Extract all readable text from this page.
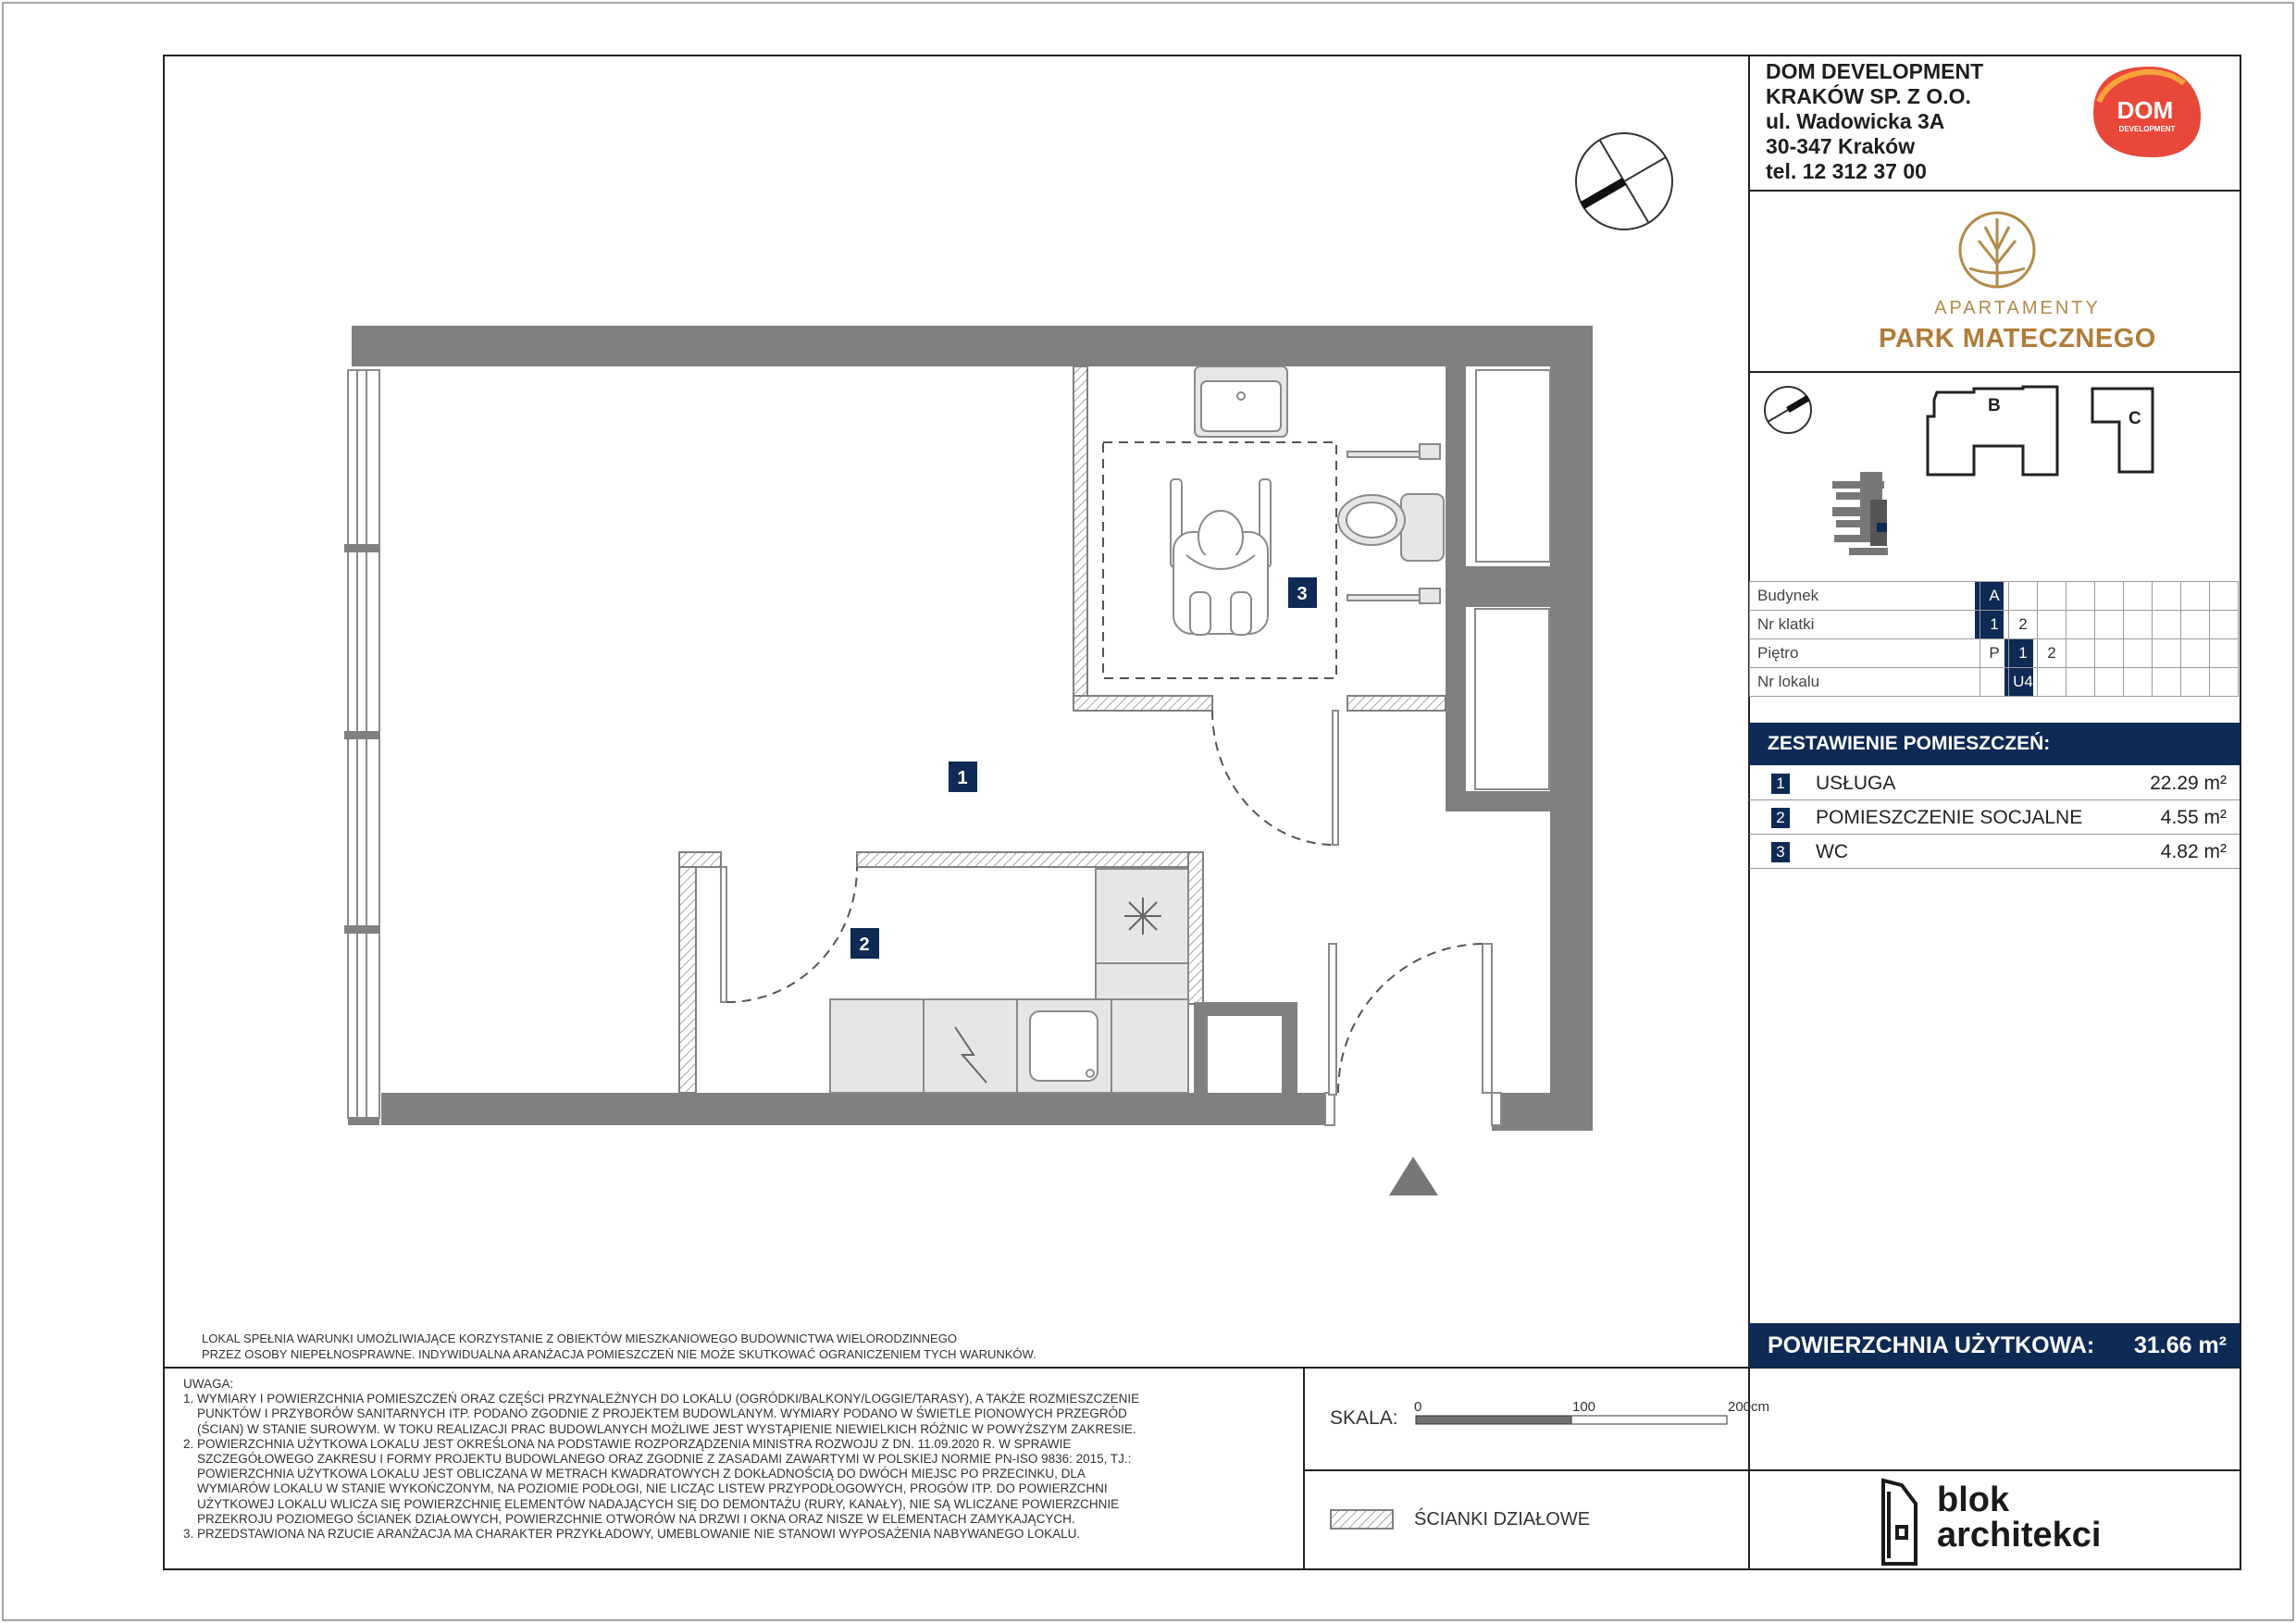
1
2
3
DOM
DEVELOPMENT
DOM DEVELOPMENT
KRAKÓW SP. Z O.O.
ul. Wadowicka 3A
30-347 Kraków
tel. 12 312 37 00
APARTAMENTY
PARK MATECZNEGO
B
C
Budynek	A								
Nr klatki	1	2							
Piętro	P	1	2						
Nr lokalu		U4							
ZESTAWIENIE POMIESZCZEŃ:
1 USŁUGA	22.29 m²
2 POMIESZCZENIE SOCJALNE	4.55 m²
3 WC	4.82 m²
POWIERZCHNIA UŻYTKOWA: 31.66 m²
LOKAL SPEŁNIA WARUNKI UMOŻLIWIAJĄCE KORZYSTANIE Z OBIEKTÓW MIESZKANIOWEGO BUDOWNICTWA WIELORODZINNEGO
PRZEZ OSOBY NIEPEŁNOSPRAWNE. INDYWIDUALNA ARANŻACJA POMIESZCZEŃ NIE MOŻE SKUTKOWAĆ OGRANICZENIEM TYCH WARUNKÓW.

UWAGA:

1. WYMIARY I POWIERZCHNIA POMIESZCZEŃ ORAZ CZĘŚCI PRZYNALEŻNYCH DO LOKALU (OGRÓDKI/BALKONY/LOGGIE/TARASY), A TAKŻE ROZMIESZCZENIE

PUNKTÓW I PRZYBORÓW SANITARNYCH ITP. PODANO ZGODNIE Z PROJEKTEM BUDOWLANYM. WYMIARY PODANO W ŚWIETLE PIONOWYCH PRZEGRÓD

(ŚCIAN) W STANIE SUROWYM. W TOKU REALIZACJI PRAC BUDOWLANYCH MOŻLIWE JEST WYSTĄPIENIE NIEWIELKICH RÓŻNIC W POWYŻSZYM ZAKRESIE.

2. POWIERZCHNIA UŻYTKOWA LOKALU JEST OKREŚLONA NA PODSTAWIE ROZPORZĄDZENIA MINISTRA ROZWOJU Z DN. 11.09.2020 R. W SPRAWIE

SZCZEGÓŁOWEGO ZAKRESU I FORMY PROJEKTU BUDOWLANEGO ORAZ ZGODNIE Z ZASADAMI ZAWARTYMI W POLSKIEJ NORMIE PN-ISO 9836: 2015, TJ.:

POWIERZCHNIA UŻYTKOWA LOKALU JEST OBLICZANA W METRACH KWADRATOWYCH Z DOKŁADNOŚCIĄ DO DWÓCH MIEJSC PO PRZECINKU, DLA

WYMIARÓW LOKALU W STANIE WYKOŃCZONYM, NA POZIOMIE PODŁOGI, NIE LICZĄC LISTEW PRZYPODŁOGOWYCH, PROGÓW ITP. DO POWIERZCHNI

UŻYTKOWEJ LOKALU WLICZA SIĘ POWIERZCHNIĘ ELEMENTÓW NADAJĄCYCH SIĘ DO DEMONTAŻU (RURY, KANAŁY), NIE SĄ WLICZANE POWIERZCHNIE

PRZEKROJU POZIOMEGO ŚCIANEK DZIAŁOWYCH, POWIERZCHNIE OTWORÓW NA DRZWI I OKNA ORAZ NISZE W ELEMENTACH ZAMYKAJĄCYCH.

3. PRZEDSTAWIONA NA RZUCIE ARANŻACJA MA CHARAKTER PRZYKŁADOWY, UMEBLOWANIE NIE STANOWI WYPOSAŻENIA NABYWANEGO LOKALU.

SKALA:
0	100	200cm
ŚCIANKI DZIAŁOWE	blok
architekci
